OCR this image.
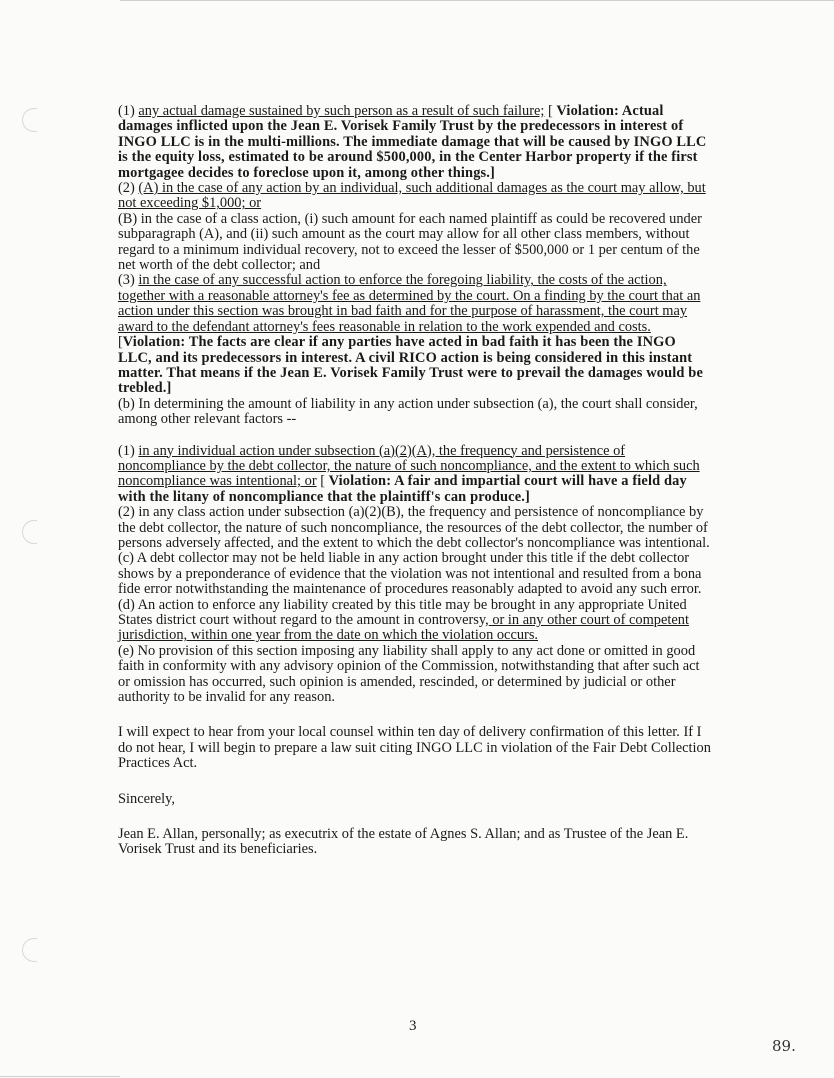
(1) any actual damage sustained by such person as a result of such failure; [ Violation: Actual damages inflicted upon the Jean E. Vorisek Family Trust by the predecessors in interest of INGO LLC is in the multi-millions. The immediate damage that will be caused by INGO LLC is the equity loss, estimated to be around $500,000, in the Center Harbor property if the first mortgagee decides to foreclose upon it, among other things.]

(2) (A) in the case of any action by an individual, such additional damages as the court may allow, but not exceeding $1,000; or

(B) in the case of a class action, (i) such amount for each named plaintiff as could be recovered under subparagraph (A), and (ii) such amount as the court may allow for all other class members, without regard to a minimum individual recovery, not to exceed the lesser of $500,000 or 1 per centum of the net worth of the debt collector; and

(3) in the case of any successful action to enforce the foregoing liability, the costs of the action, together with a reasonable attorney's fee as determined by the court. On a finding by the court that an action under this section was brought in bad faith and for the purpose of harassment, the court may award to the defendant attorney's fees reasonable in relation to the work expended and costs. [Violation: The facts are clear if any parties have acted in bad faith it has been the INGO LLC, and its predecessors in interest. A civil RICO action is being considered in this instant matter. That means if the Jean E. Vorisek Family Trust were to prevail the damages would be trebled.]

(b) In determining the amount of liability in any action under subsection (a), the court shall consider, among other relevant factors --

(1) in any individual action under subsection (a)(2)(A), the frequency and persistence of noncompliance by the debt collector, the nature of such noncompliance, and the extent to which such noncompliance was intentional; or [ Violation: A fair and impartial court will have a field day with the litany of noncompliance that the plaintiff's can produce.]

(2) in any class action under subsection (a)(2)(B), the frequency and persistence of noncompliance by the debt collector, the nature of such noncompliance, the resources of the debt collector, the number of persons adversely affected, and the extent to which the debt collector's noncompliance was intentional.

(c) A debt collector may not be held liable in any action brought under this title if the debt collector shows by a preponderance of evidence that the violation was not intentional and resulted from a bona fide error notwithstanding the maintenance of procedures reasonably adapted to avoid any such error.

(d) An action to enforce any liability created by this title may be brought in any appropriate United States district court without regard to the amount in controversy, or in any other court of competent jurisdiction, within one year from the date on which the violation occurs.

(e) No provision of this section imposing any liability shall apply to any act done or omitted in good faith in conformity with any advisory opinion of the Commission, notwithstanding that after such act or omission has occurred, such opinion is amended, rescinded, or determined by judicial or other authority to be invalid for any reason.

I will expect to hear from your local counsel within ten day of delivery confirmation of this letter. If I do not hear, I will begin to prepare a law suit citing INGO LLC in violation of the Fair Debt Collection Practices Act.

Sincerely,

Jean E. Allan, personally; as executrix of the estate of Agnes S. Allan; and as Trustee of the Jean E. Vorisek Trust and its beneficiaries.

3
89.
